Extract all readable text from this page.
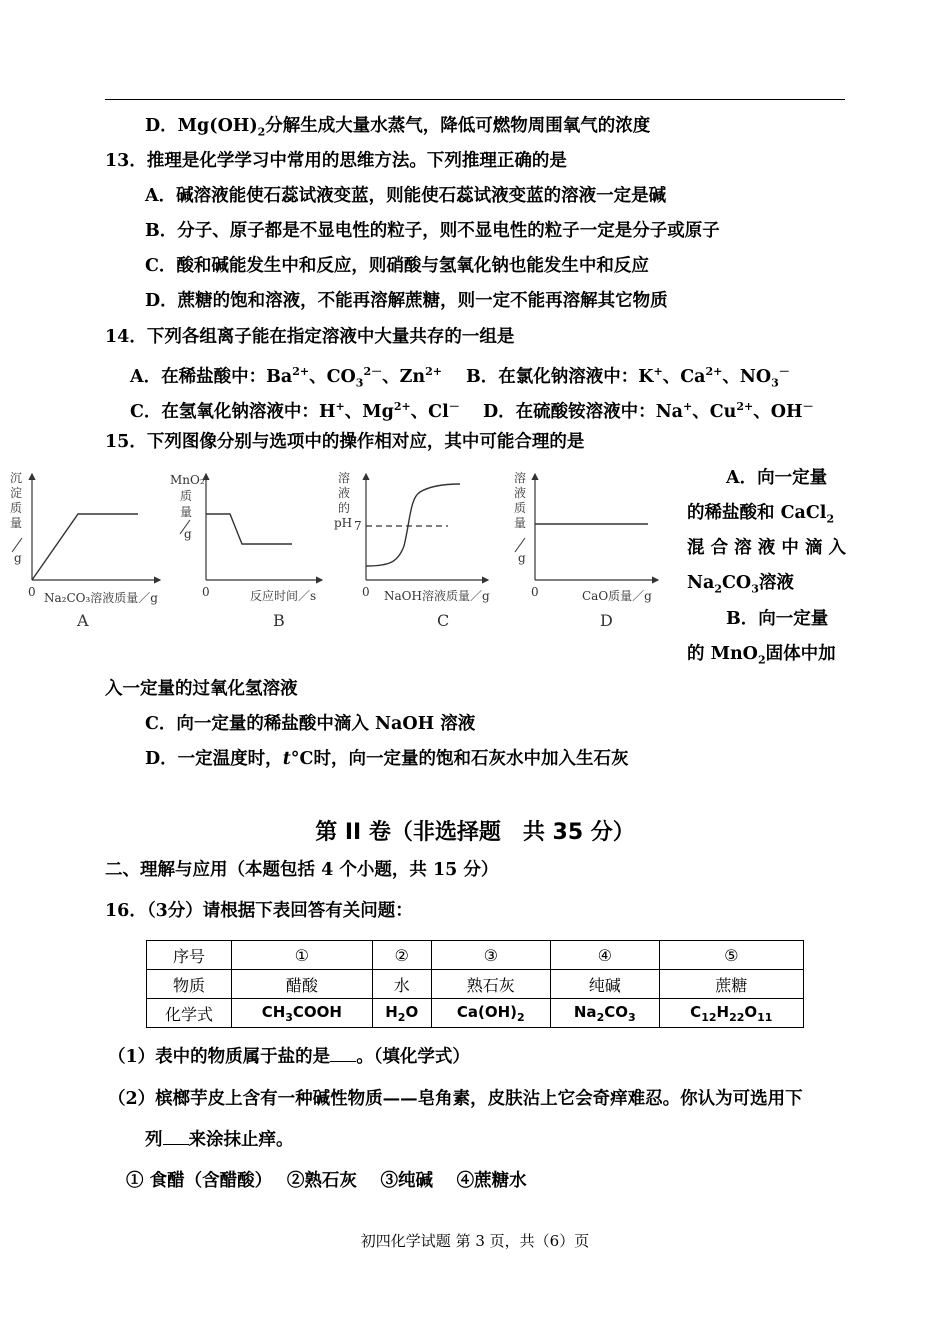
D．$Mg(OH)_2$分解生成大量水蒸气，降低可燃物周围氧气的浓度
13．推理是化学学习中常用的思维方法。下列推理正确的是
A．碱溶液能使石蕊试液变蓝，则能使石蕊试液变蓝的溶液一定是碱
B．分子、原子都是不显电性的粒子，则不显电性的粒子一定是分子或原子
C．酸和碱能发生中和反应，则硝酸与氢氧化钠也能发生中和反应
D．蔗糖的饱和溶液，不能再溶解蔗糖，则一定不能再溶解其它物质
14．下列各组离子能在指定溶液中大量共存的一组是
A．在稀盐酸中：$Ba^{2+}$、$CO_3^{2-}$、$Zn^{2+}$ B．在氯化钠溶液中：K+、$Ca^{2+}$、$NO_3^-$
C．在氢氧化钠溶液中：H+、$Mg^{2+}$、Cl－ D．在硫酸铵溶液中：Na+、$Cu^{2+}$、OH－
15．下列图像分别与选项中的操作相对应，其中可能合理的是
沉
淀
质
量
g
0 Na₂CO₃溶液质量／g
A
MnO₂
质
量
g
0	反应时间／s
B
溶
液
的
pH 7
0 NaOH溶液质量／g
C
溶
液
质
量
g
0	CaO质量／g
D
A．向一定量
的稀盐酸和 CaCl$_2$
混 合 溶 液 中 滴 入
$Na_2CO_3$溶液
B．向一定量
的 MnO$_2$固体中加
入一定量的过氧化氢溶液
C．向一定量的稀盐酸中滴入 NaOH 溶液
D．一定温度时，t°C时，向一定量的饱和石灰水中加入生石灰
第 II 卷（非选择题　共 35 分）
二、理解与应用（本题包括 4 个小题，共 15 分）
16．（3分）请根据下表回答有关问题：
序号	①	②	③	④	⑤
物质	醋酸	水	熟石灰	纯碱	蔗糖
化学式	$CH_3COOH$	$H_2O$	$Ca(OH)_2$	$Na_2CO_3$	$C_{12}H_{22}O_{11}$
（1）表中的物质属于盐的是 。（填化学式）
（2）槟榔芋皮上含有一种碱性物质——皂角素，皮肤沾上它会奇痒难忍。你认为可选用下
列 来涂抹止痒。
① 食醋（含醋酸）　 ②熟石灰　 ③纯碱　 ④蔗糖水
初四化学试题 第 3 页，共（6）页
